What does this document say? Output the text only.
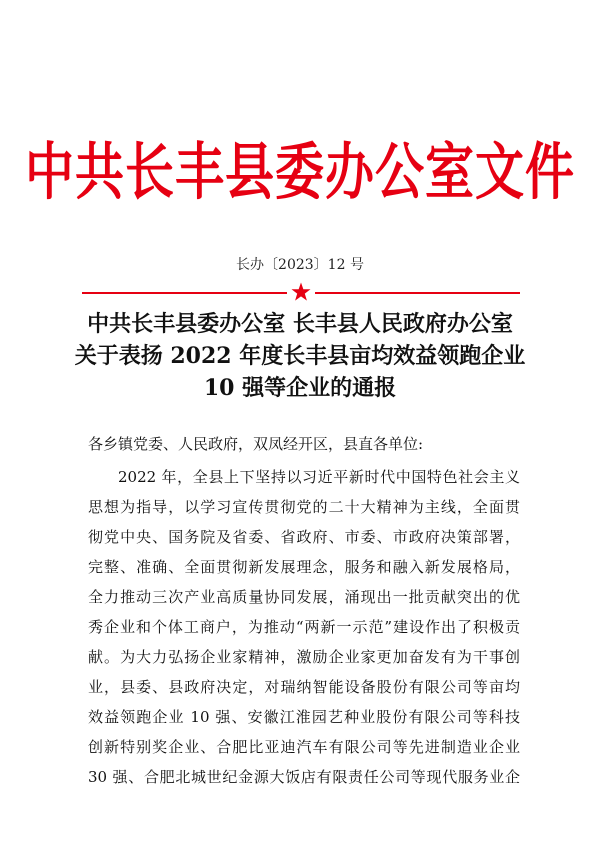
中共长丰县委办公室文件
长办〔2023〕12 号
中共长丰县委办公室 长丰县人民政府办公室
关于表扬 2022 年度长丰县亩均效益领跑企业
10 强等企业的通报
各乡镇党委、人民政府，双凤经开区，县直各单位:
2022 年，全县上下坚持以习近平新时代中国特色社会主义
思想为指导，以学习宣传贯彻党的二十大精神为主线，全面贯
彻党中央、国务院及省委、省政府、市委、市政府决策部署，
完整、准确、全面贯彻新发展理念，服务和融入新发展格局，
全力推动三次产业高质量协同发展，涌现出一批贡献突出的优
秀企业和个体工商户，为推动“两新一示范”建设作出了积极贡
献。为大力弘扬企业家精神，激励企业家更加奋发有为干事创
业，县委、县政府决定，对瑞纳智能设备股份有限公司等亩均
效益领跑企业 10 强、安徽江淮园艺种业股份有限公司等科技
创新特别奖企业、合肥比亚迪汽车有限公司等先进制造业企业
30 强、合肥北城世纪金源大饭店有限责任公司等现代服务业企
